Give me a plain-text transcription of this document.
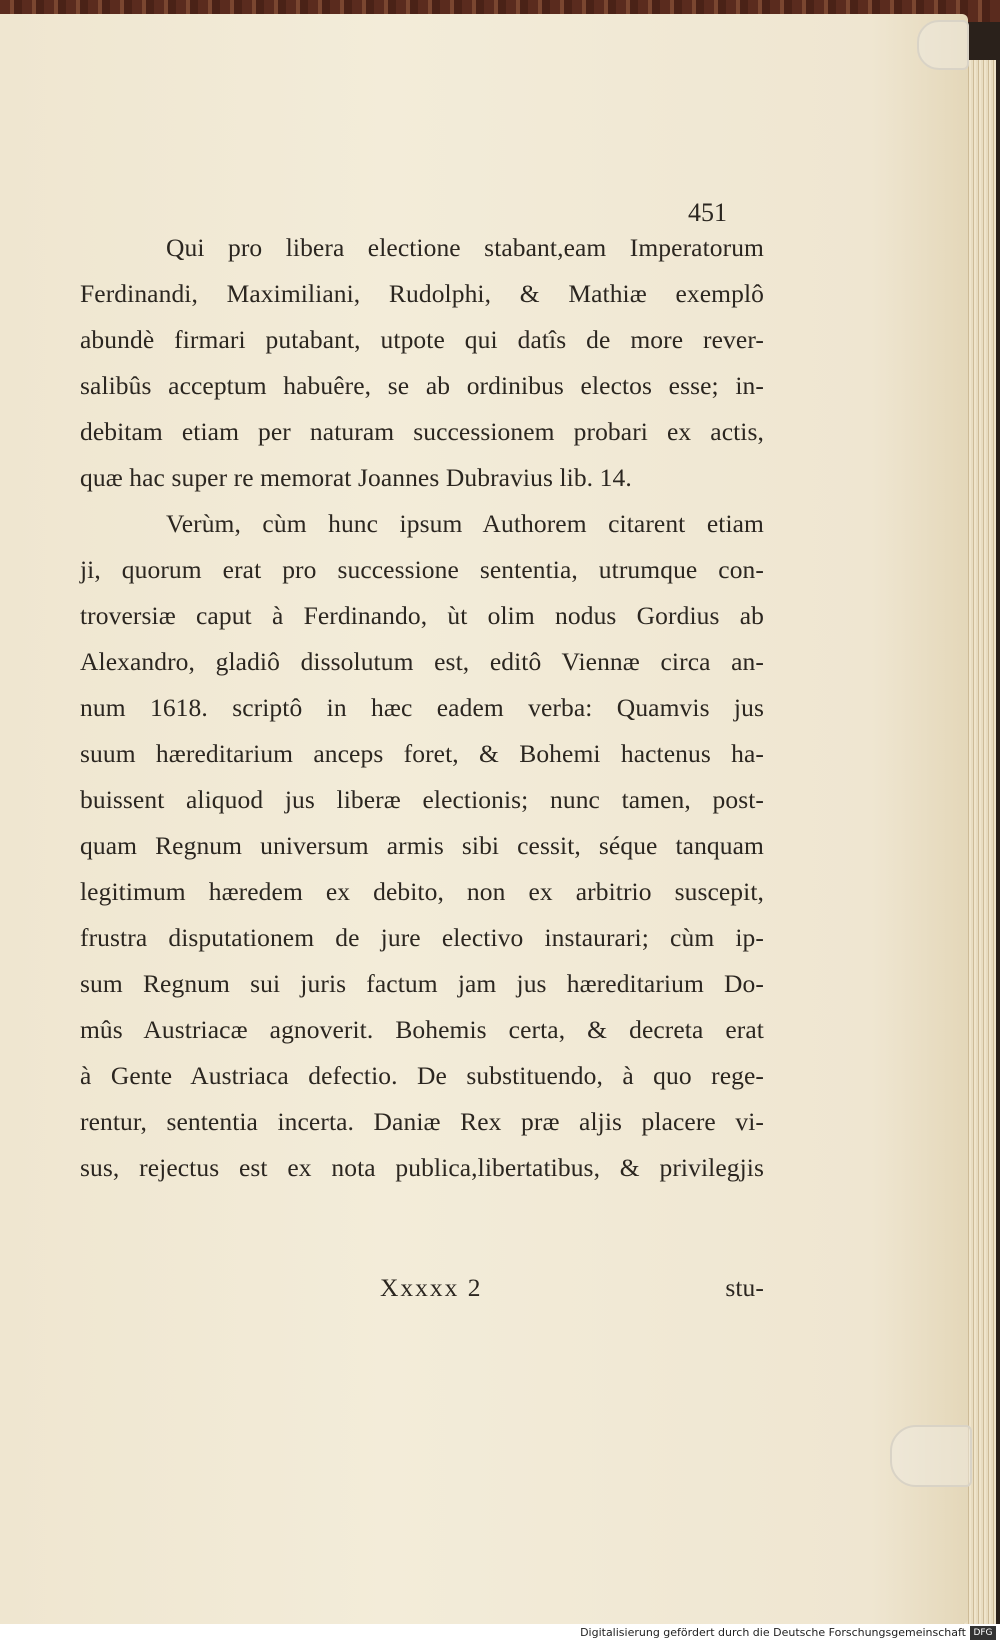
451
Qui pro libera electione stabant,eam Imperatorum
Ferdinandi, Maximiliani, Rudolphi, & Mathiæ exemplô
abundè firmari putabant, utpote qui datîs de more rever-
salibûs acceptum habuêre, se ab ordinibus electos esse; in-
debitam etiam per naturam successionem probari ex actis,
quæ hac super re memorat Joannes Dubravius lib. 14.
Verùm, cùm hunc ipsum Authorem citarent etiam
ji, quorum erat pro successione sententia, utrumque con-
troversiæ caput à Ferdinando, ùt olim nodus Gordius ab
Alexandro, gladiô dissolutum est, editô Viennæ circa an-
num 1618. scriptô in hæc eadem verba: Quamvis jus
suum hæreditarium anceps foret, & Bohemi hactenus ha-
buissent aliquod jus liberæ electionis; nunc tamen, post-
quam Regnum universum armis sibi cessit, séque tanquam
legitimum hæredem ex debito, non ex arbitrio suscepit,
frustra disputationem de jure electivo instaurari; cùm ip-
sum Regnum sui juris factum jam jus hæreditarium Do-
mûs Austriacæ agnoverit. Bohemis certa, & decreta erat
à Gente Austriaca defectio. De substituendo, à quo rege-
rentur, sententia incerta. Daniæ Rex præ aljis placere vi-
sus, rejectus est ex nota publica,libertatibus, & privilegjis
Xxxxx 2	stu-
Digitalisierung gefördert durch die Deutsche Forschungsgemeinschaft DFG
